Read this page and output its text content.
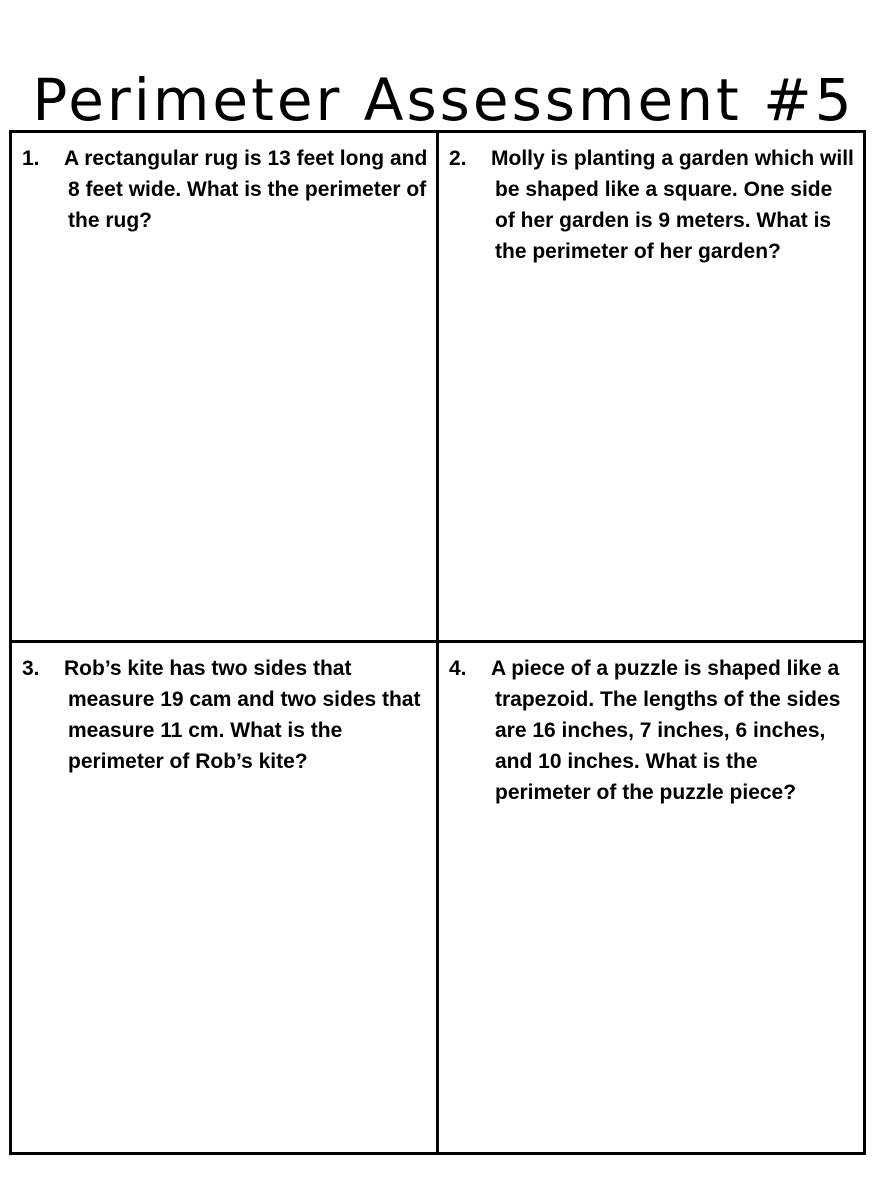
Perimeter Assessment #5
1.	A rectangular rug is 13 feet long and 8 feet wide. What is the perimeter of the rug?
2.	Molly is planting a garden which will be shaped like a square. One side of her garden is 9 meters. What is the perimeter of her garden?
3.	Rob’s kite has two sides that measure 19 cam and two sides that measure 11 cm. What is the perimeter of Rob’s kite?
4.	A piece of a puzzle is shaped like a trapezoid. The lengths of the sides are 16 inches, 7 inches, 6 inches, and 10 inches. What is the perimeter of the puzzle piece?
